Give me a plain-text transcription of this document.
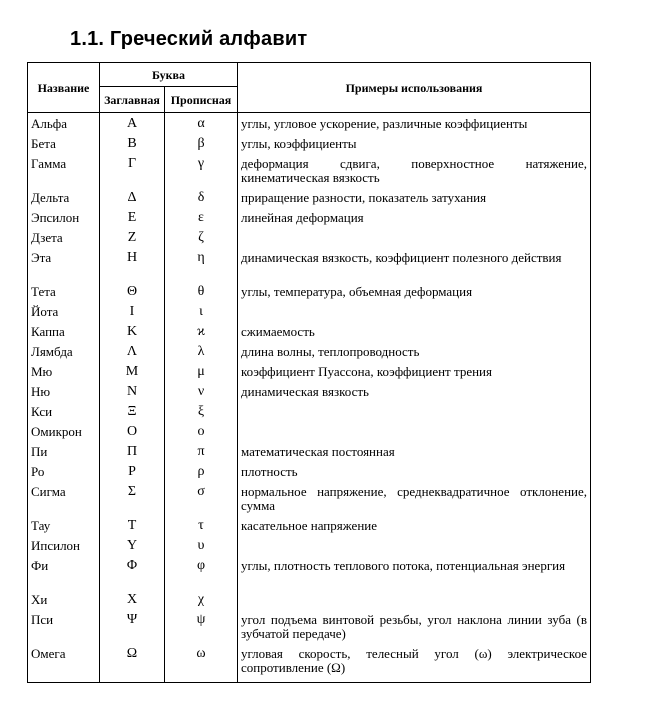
1.1. Греческий алфавит
Название	Буква		Примеры использования
	Заглавная	Прописная	
Альфа	Α	α	углы, угловое ускорение, различные коэффициенты
Бета	Β	β	углы, коэффициенты
Гамма	Γ	γ	деформация сдвига, поверхностное натяжение, кинематическая вязкость
Дельта	Δ	δ	приращение разности, показатель затухания
Эпсилон	Ε	ε	линейная деформация
Дзета	Ζ	ζ	
Эта	Η	η	динамическая вязкость, коэффициент полезного действия
Тета	Θ	θ	углы, температура, объемная деформация
Йота	Ι	ι	
Каппа	Κ	ϰ	сжимаемость
Лямбда	Λ	λ	длина волны, теплопроводность
Мю	Μ	μ	коэффициент Пуассона, коэффициент трения
Ню	Ν	ν	динамическая вязкость
Кси	Ξ	ξ	
Омикрон	Ο	ο	
Пи	Π	π	математическая постоянная
Ро	Ρ	ρ	плотность
Сигма	Σ	σ	нормальное напряжение, среднеквадратичное отклонение, сумма
Тау	Τ	τ	касательное напряжение
Ипсилон	Υ	υ	
Фи	Φ	φ	углы, плотность теплового потока, потенциальная энергия
Хи	Χ	χ	
Пси	Ψ	ψ	угол подъема винтовой резьбы, угол наклона линии зуба (в зубчатой передаче)
Омега	Ω	ω	угловая скорость, телесный угол (ω) электрическое сопротивление (Ω)
